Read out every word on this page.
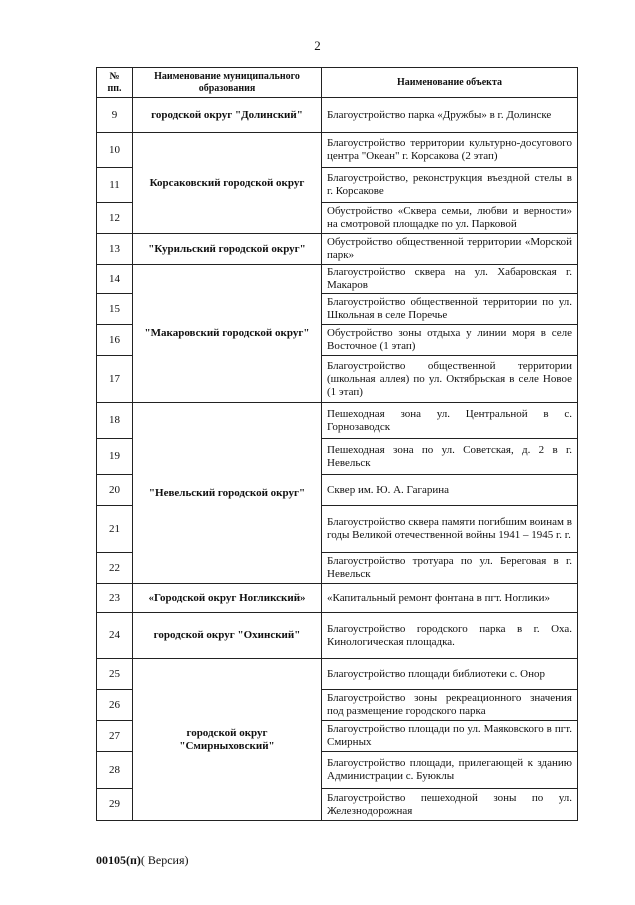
2
№ пп.	Наименование муниципального образования	Наименование объекта
9	городской округ "Долинский"	Благоустройство парка «Дружбы» в г. Долинске
10	Корсаковский городской округ	Благоустройство территории культурно-досугового центра "Океан" г. Корсакова (2 этап)
11		Благоустройство, реконструкция въездной стелы в г. Корсакове
12		Обустройство «Сквера семьи, любви и верности» на смотровой площадке по ул. Парковой
13	"Курильский городской округ"	Обустройство общественной территории «Морской парк»
14	"Макаровский городской округ"	Благоустройство сквера на ул. Хабаровская г. Макаров
15		Благоустройство общественной территории по ул. Школьная в селе Поречье
16		Обустройство зоны отдыха у линии моря в селе Восточное (1 этап)
17		Благоустройство общественной территории (школьная аллея) по ул. Октябрьская в селе Новое (1 этап)
18	"Невельский городской округ"	Пешеходная зона ул. Центральной в с. Горнозаводск
19		Пешеходная зона по ул. Советская, д. 2 в г. Невельск
20		Сквер им. Ю. А. Гагарина
21		Благоустройство сквера памяти погибшим воинам в годы Великой отечественной войны 1941 – 1945 г. г.
22		Благоустройство тротуара по ул. Береговая в г. Невельск
23	«Городской округ Ногликский»	«Капитальный ремонт фонтана в пгт. Ноглики»
24	городской округ "Охинский"	Благоустройство городского парка в г. Оха. Кинологическая площадка.
25	городской округ "Смирныховский"	Благоустройство площади библиотеки с. Онор
26		Благоустройство зоны рекреационного значения под размещение городского парка
27		Благоустройство площади по ул. Маяковского в пгт. Смирных
28		Благоустройство площади, прилегающей к зданию Администрации с. Буюклы
29		Благоустройство пешеходной зоны по ул. Железнодорожная
00105(п)( Версия)
